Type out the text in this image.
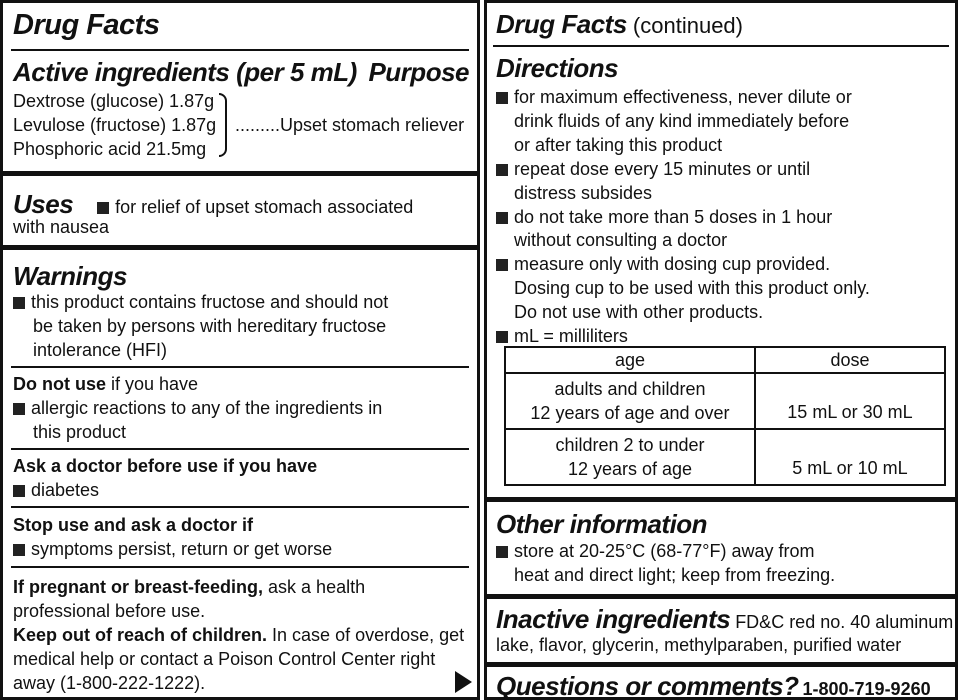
Drug Facts
Active ingredients (per 5 mL) Purpose
Dextrose (glucose) 1.87g
Levulose (fructose) 1.87g
Phosphoric acid 21.5mg
.........Upset stomach reliever
Uses for relief of upset stomach associated
with nausea
Warnings
this product contains fructose and should not
be taken by persons with hereditary fructose
intolerance (HFI)
Do not use if you have
allergic reactions to any of the ingredients in
this product
Ask a doctor before use if you have
diabetes
Stop use and ask a doctor if
symptoms persist, return or get worse
If pregnant or breast-feeding, ask a health
professional before use.
Keep out of reach of children. In case of overdose, get
medical help or contact a Poison Control Center right
away (1-800-222-1222).
Drug Facts (continued)
Directions
for maximum effectiveness, never dilute or
drink fluids of any kind immediately before
or after taking this product
repeat dose every 15 minutes or until
distress subsides
do not take more than 5 doses in 1 hour
without consulting a doctor
measure only with dosing cup provided.
Dosing cup to be used with this product only.
Do not use with other products.
mL = milliliters
age	dose
adults and children
12 years of age and over	15 mL or 30 mL
children 2 to under
12 years of age	5 mL or 10 mL
Other information
store at 20-25°C (68-77°F) away from
heat and direct light; keep from freezing.
Inactive ingredients FD&C red no. 40 aluminum
lake, flavor, glycerin, methylparaben, purified water
Questions or comments? 1-800-719-9260
